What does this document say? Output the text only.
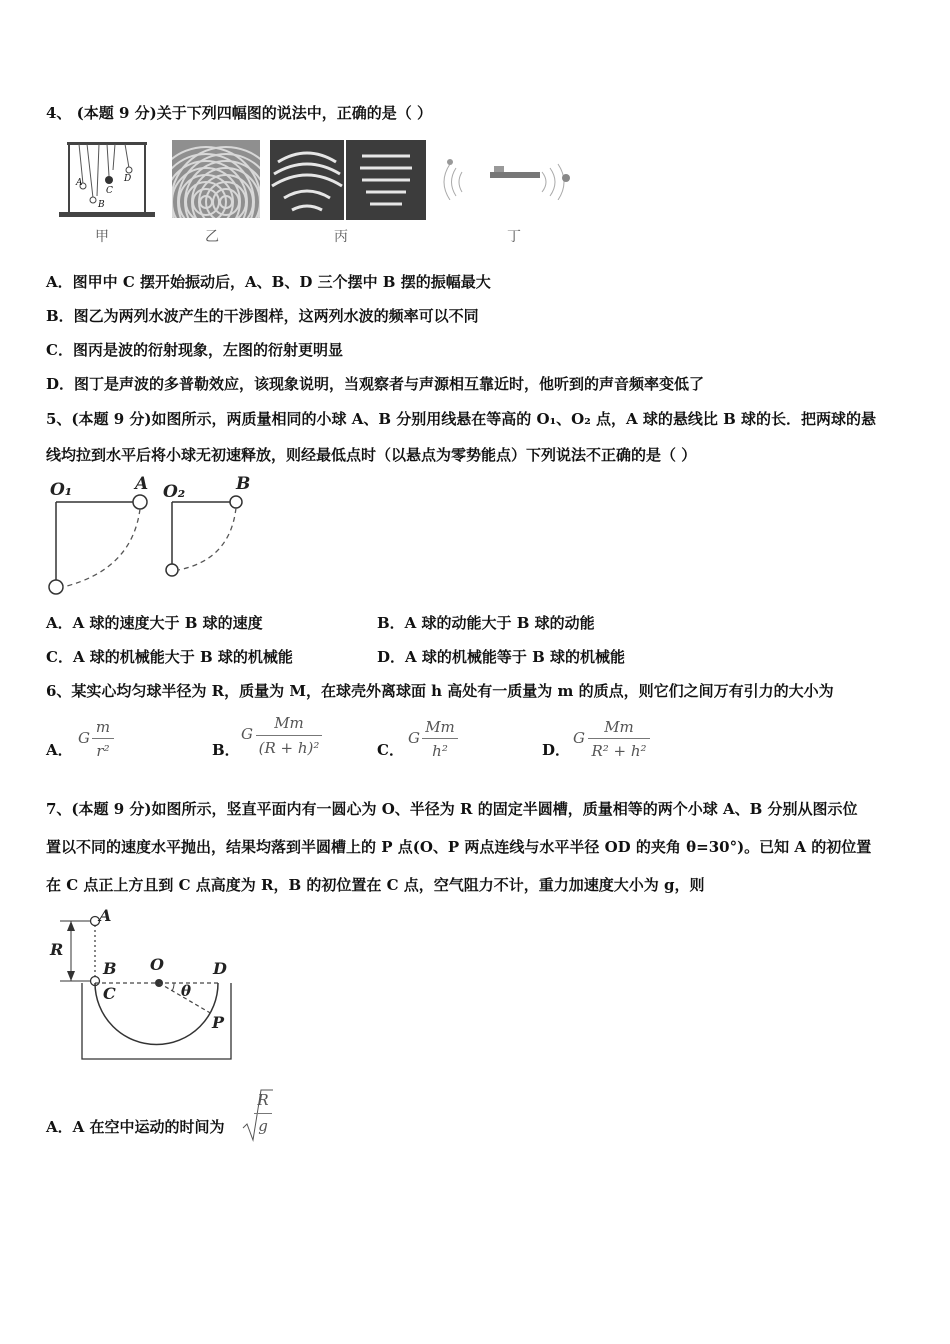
4、 (本题 9 分)关于下列四幅图的说法中，正确的是（ ）
A
B
C
D
甲	乙	丙	丁
A．图甲中 C 摆开始振动后，A、B、D 三个摆中 B 摆的振幅最大
B．图乙为两列水波产生的干涉图样，这两列水波的频率可以不同
C．图丙是波的衍射现象，左图的衍射更明显
D．图丁是声波的多普勒效应，该现象说明，当观察者与声源相互靠近时，他听到的声音频率变低了
5、(本题 9 分)如图所示，两质量相同的小球 A、B 分别用线悬在等高的 O₁、O₂ 点，A 球的悬线比 B 球的长．把两球的悬
线均拉到水平后将小球无初速释放，则经最低点时（以悬点为零势能点）下列说法不正确的是（ ）
O₁	A O₂	B
A．A 球的速度大于 B 球的速度	B．A 球的动能大于 B 球的动能
C．A 球的机械能大于 B 球的机械能	D．A 球的机械能等于 B 球的机械能
6、某实心均匀球半径为 R，质量为 M，在球壳外离球面 h 高处有一质量为 m 的质点，则它们之间万有引力的大小为
A．
G
m
r²	B．
G
Mm
(R + h)²	C．
G
Mm
h²	D．
G
Mm
R² + h²
7、(本题 9 分)如图所示，竖直平面内有一圆心为 O、半径为 R 的固定半圆槽，质量相等的两个小球 A、B 分别从图示位
置以不同的速度水平抛出，结果均落到半圆槽上的 P 点(O、P 两点连线与水平半径 OD 的夹角 θ=30°)。已知 A 的初位置
在 C 点正上方且到 C 点高度为 R，B 的初位置在 C 点，空气阻力不计，重力加速度大小为 g，则
A
R
B O	D
C	θ
P
A．A 在空中运动的时间为
R
g
